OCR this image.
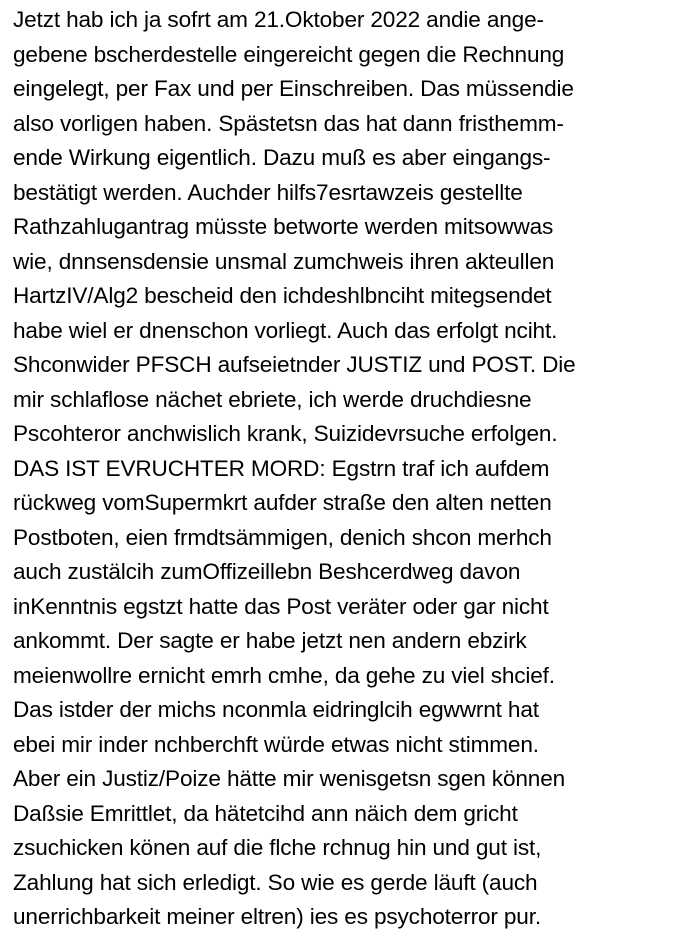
Jetzt hab ich ja sofrt am 21.Oktober 2022 andie ange-
gebene bscherdestelle eingereicht gegen die Rechnung
eingelegt, per Fax und per Einschreiben. Das müssendie
also vorligen haben. Spästetsn das hat dann fristhemm-
ende Wirkung eigentlich. Dazu muß es aber eingangs-
bestätigt werden. Auchder hilfs7esrtawzeis gestellte
Rathzahlugantrag müsste betworte werden mitsowwas
wie, dnnsensdensie unsmal zumchweis ihren akteullen
HartzIV/Alg2 bescheid den ichdeshlbnciht mitegsendet
habe wiel er dnenschon vorliegt. Auch das erfolgt nciht.
Shconwider PFSCH aufseietnder JUSTIZ und POST. Die
mir schlaflose nächet ebriete, ich werde druchdiesne
Pscohteror anchwislich krank, Suizidevrsuche erfolgen.
DAS IST EVRUCHTER MORD: Egstrn traf ich aufdem
rückweg vomSupermkrt aufder straße den alten netten
Postboten, eien frmdtsämmigen, denich shcon merhch
auch zustälcih zumOffizeillebn Beshcerdweg davon
inKenntnis egstzt hatte das Post veräter oder gar nicht
ankommt. Der sagte er habe jetzt nen andern ebzirk
meienwollre ernicht emrh cmhe, da gehe zu viel shcief.
Das istder der michs nconmla eidringlcih egwwrnt hat
ebei mir inder nchberchft würde etwas nicht stimmen.
Aber ein Justiz/Poize hätte mir wenisgetsn sgen können
Daßsie Emrittlet, da hätetcihd ann näich dem gricht
zsuchicken könen auf die flche rchnug hin und gut ist,
Zahlung hat sich erledigt. So wie es gerde läuft (auch
unerrichbarkeit meiner eltren) ies es psychoterror pur.
